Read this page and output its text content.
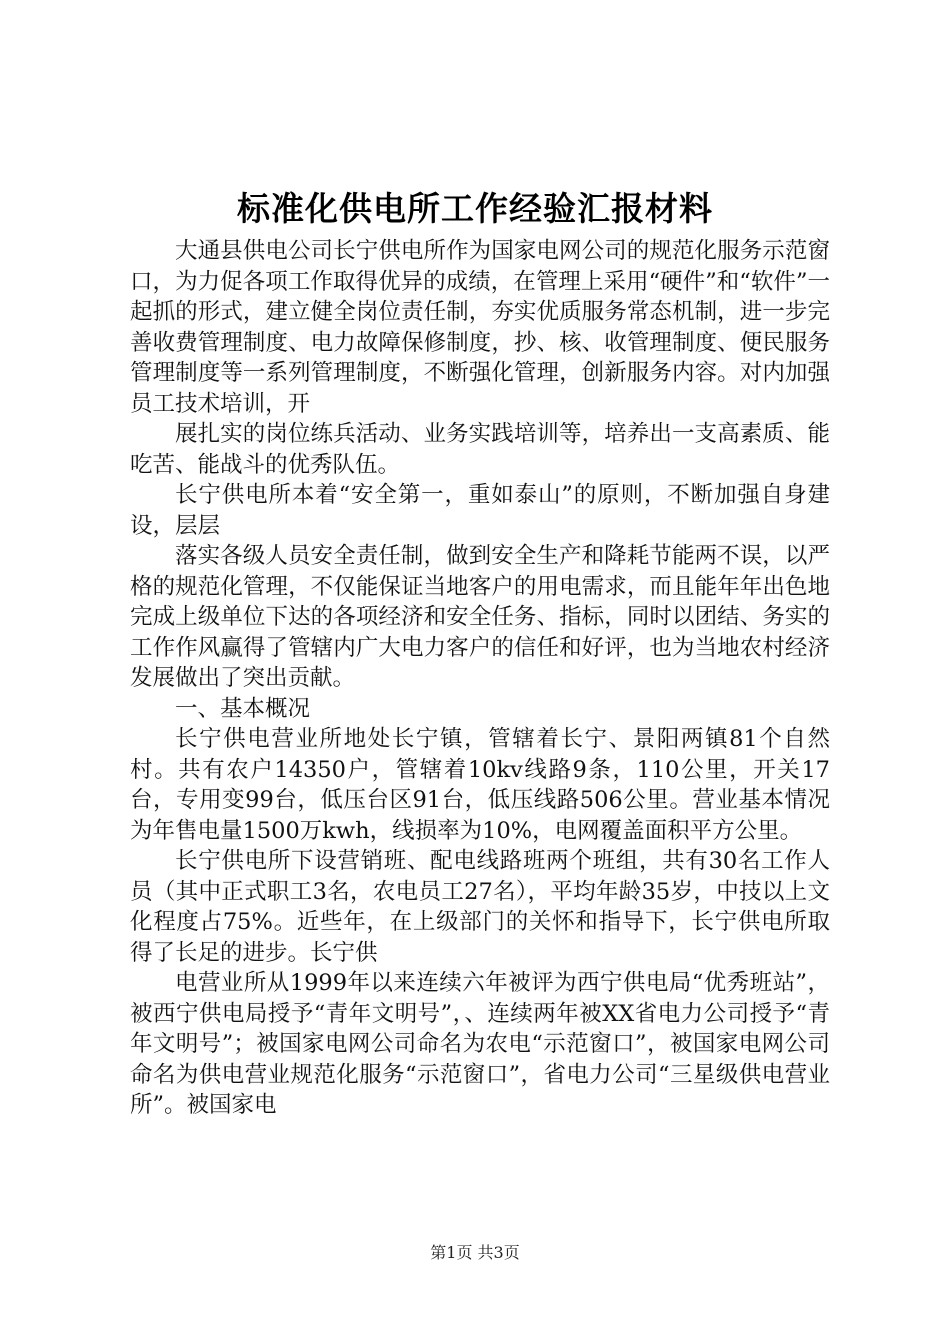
标准化供电所工作经验汇报材料

大通县供电公司长宁供电所作为国家电网公司的规范化服务示范窗口，为力促各项工作取得优异的成绩，在管理上采用“硬件”和“软件”一起抓的形式，建立健全岗位责任制，夯实优质服务常态机制，进一步完善收费管理制度、电力故障保修制度，抄、核、收管理制度、便民服务管理制度等一系列管理制度，不断强化管理，创新服务内容。对内加强员工技术培训，开

展扎实的岗位练兵活动、业务实践培训等，培养出一支高素质、能吃苦、能战斗的优秀队伍。

长宁供电所本着“安全第一，重如泰山”的原则，不断加强自身建设，层层

落实各级人员安全责任制，做到安全生产和降耗节能两不误，以严格的规范化管理，不仅能保证当地客户的用电需求，而且能年年出色地完成上级单位下达的各项经济和安全任务、指标，同时以团结、务实的工作作风赢得了管辖内广大电力客户的信任和好评，也为当地农村经济发展做出了突出贡献。

一、基本概况

长宁供电营业所地处长宁镇，管辖着长宁、景阳两镇81个自然村。共有农户14350户，管辖着10kv线路9条，110公里，开关17台，专用变99台，低压台区91台，低压线路506公里。营业基本情况为年售电量1500万kwh，线损率为10%，电网覆盖面积平方公里。

长宁供电所下设营销班、配电线路班两个班组，共有30名工作人员（其中正式职工3名，农电员工27名），平均年龄35岁，中技以上文化程度占75%。近些年，在上级部门的关怀和指导下，长宁供电所取得了长足的进步。长宁供

电营业所从1999年以来连续六年被评为西宁供电局“优秀班站”，被西宁供电局授予“青年文明号”，、连续两年被XX省电力公司授予“青年文明号”；被国家电网公司命名为农电“示范窗口”，被国家电网公司命名为供电营业规范化服务“示范窗口”，省电力公司“三星级供电营业所”。被国家电

第1页 共3页
